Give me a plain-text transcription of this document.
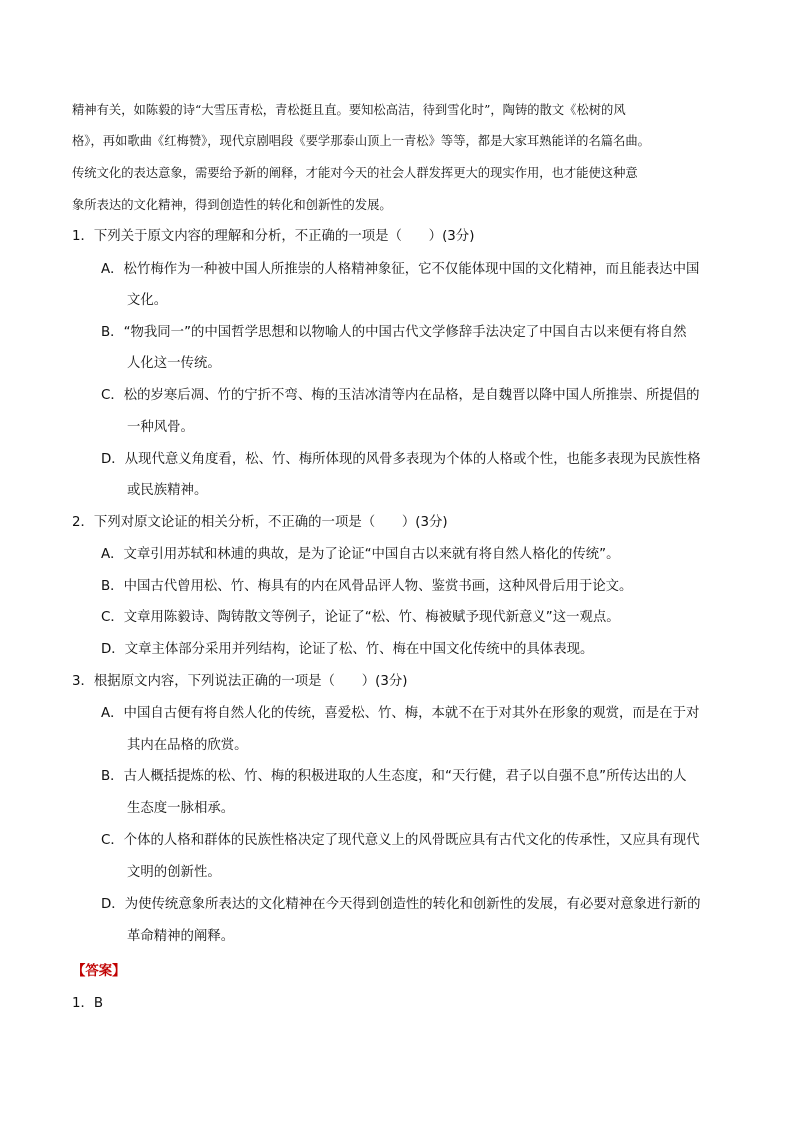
精神有关，如陈毅的诗“大雪压青松，青松挺且直。要知松高洁，待到雪化时”，陶铸的散文《松树的风
格》，再如歌曲《红梅赞》，现代京剧唱段《要学那泰山顶上一青松》等等，都是大家耳熟能详的名篇名曲。
传统文化的表达意象，需要给予新的阐释，才能对今天的社会人群发挥更大的现实作用，也才能使这种意
象所表达的文化精神，得到创造性的转化和创新性的发展。
1．下列关于原文内容的理解和分析，不正确的一项是（　　）(3分)
A．松竹梅作为一种被中国人所推崇的人格精神象征，它不仅能体现中国的文化精神，而且能表达中国
文化。
B．“物我同一”的中国哲学思想和以物喻人的中国古代文学修辞手法决定了中国自古以来便有将自然
人化这一传统。
C．松的岁寒后凋、竹的宁折不弯、梅的玉洁冰清等内在品格，是自魏晋以降中国人所推崇、所提倡的
一种风骨。
D．从现代意义角度看，松、竹、梅所体现的风骨多表现为个体的人格或个性，也能多表现为民族性格
或民族精神。
2．下列对原文论证的相关分析，不正确的一项是（　　）(3分)
A．文章引用苏轼和林逋的典故，是为了论证“中国自古以来就有将自然人格化的传统”。
B．中国古代曾用松、竹、梅具有的内在风骨品评人物、鉴赏书画，这种风骨后用于论文。
C．文章用陈毅诗、陶铸散文等例子，论证了“松、竹、梅被赋予现代新意义”这一观点。
D．文章主体部分采用并列结构，论证了松、竹、梅在中国文化传统中的具体表现。
3．根据原文内容，下列说法正确的一项是（　　）(3分)
A．中国自古便有将自然人化的传统，喜爱松、竹、梅，本就不在于对其外在形象的观赏，而是在于对
其内在品格的欣赏。
B．古人概括提炼的松、竹、梅的积极进取的人生态度，和“天行健，君子以自强不息”所传达出的人
生态度一脉相承。
C．个体的人格和群体的民族性格决定了现代意义上的风骨既应具有古代文化的传承性，又应具有现代
文明的创新性。
D．为使传统意象所表达的文化精神在今天得到创造性的转化和创新性的发展，有必要对意象进行新的
革命精神的阐释。
【答案】
1．B
